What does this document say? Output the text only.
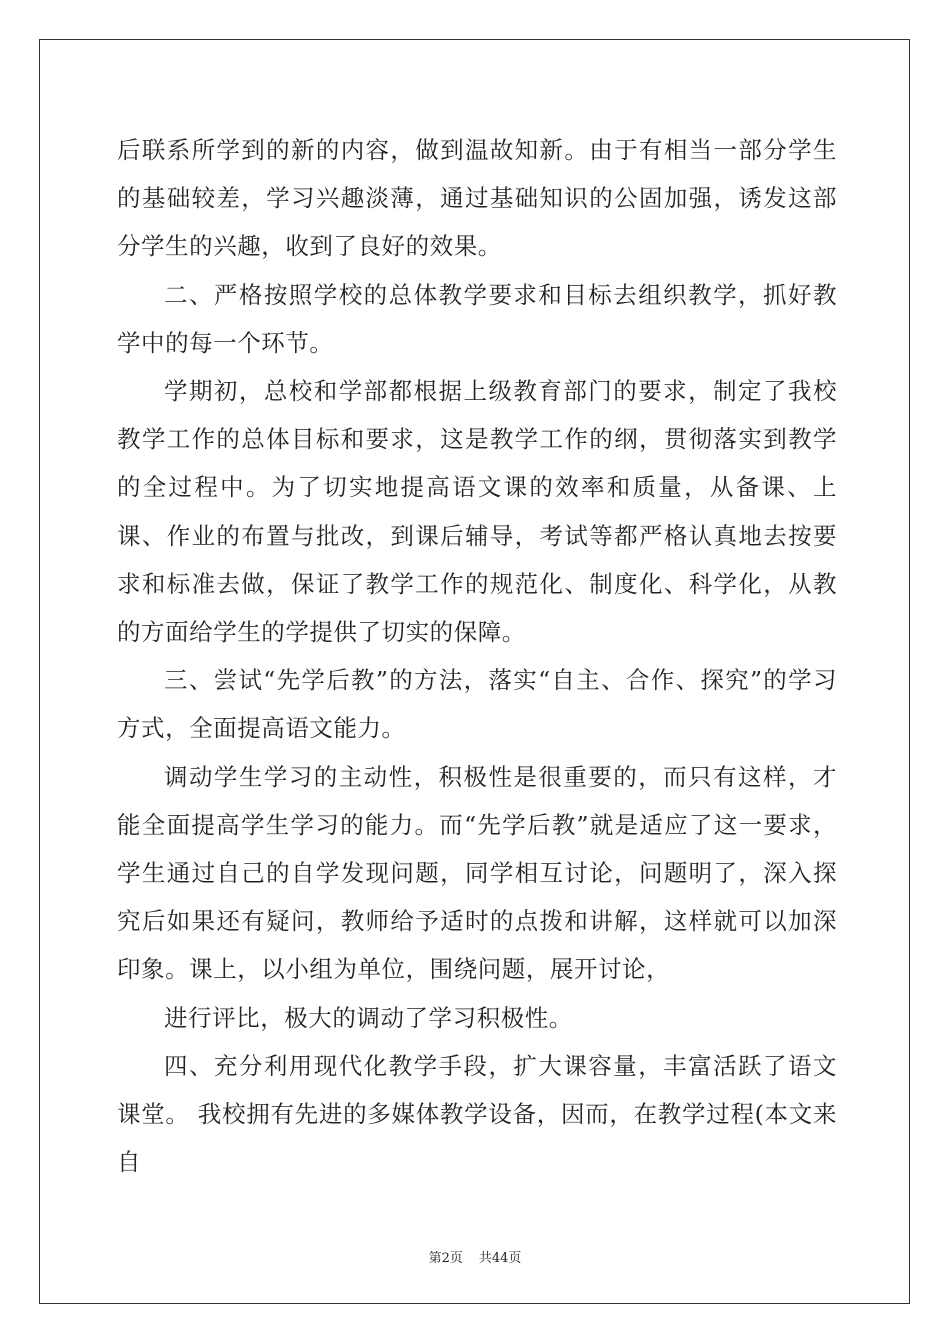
后联系所学到的新的内容，做到温故知新。由于有相当一部分学生的基础较差，学习兴趣淡薄，通过基础知识的公固加强，诱发这部分学生的兴趣，收到了良好的效果。

二、严格按照学校的总体教学要求和目标去组织教学，抓好教学中的每一个环节。

学期初，总校和学部都根据上级教育部门的要求，制定了我校教学工作的总体目标和要求，这是教学工作的纲，贯彻落实到教学的全过程中。为了切实地提高语文课的效率和质量，从备课、上课、作业的布置与批改，到课后辅导，考试等都严格认真地去按要求和标准去做，保证了教学工作的规范化、制度化、科学化，从教的方面给学生的学提供了切实的保障。

三、尝试“先学后教”的方法，落实“自主、合作、探究”的学习方式，全面提高语文能力。

调动学生学习的主动性，积极性是很重要的，而只有这样，才能全面提高学生学习的能力。而“先学后教”就是适应了这一要求，学生通过自己的自学发现问题，同学相互讨论，问题明了，深入探究后如果还有疑问，教师给予适时的点拨和讲解，这样就可以加深印象。课上，以小组为单位，围绕问题，展开讨论，

进行评比，极大的调动了学习积极性。

四、充分利用现代化教学手段，扩大课容量，丰富活跃了语文课堂。 我校拥有先进的多媒体教学设备，因而，在教学过程(本文来自

第2页 共44页
